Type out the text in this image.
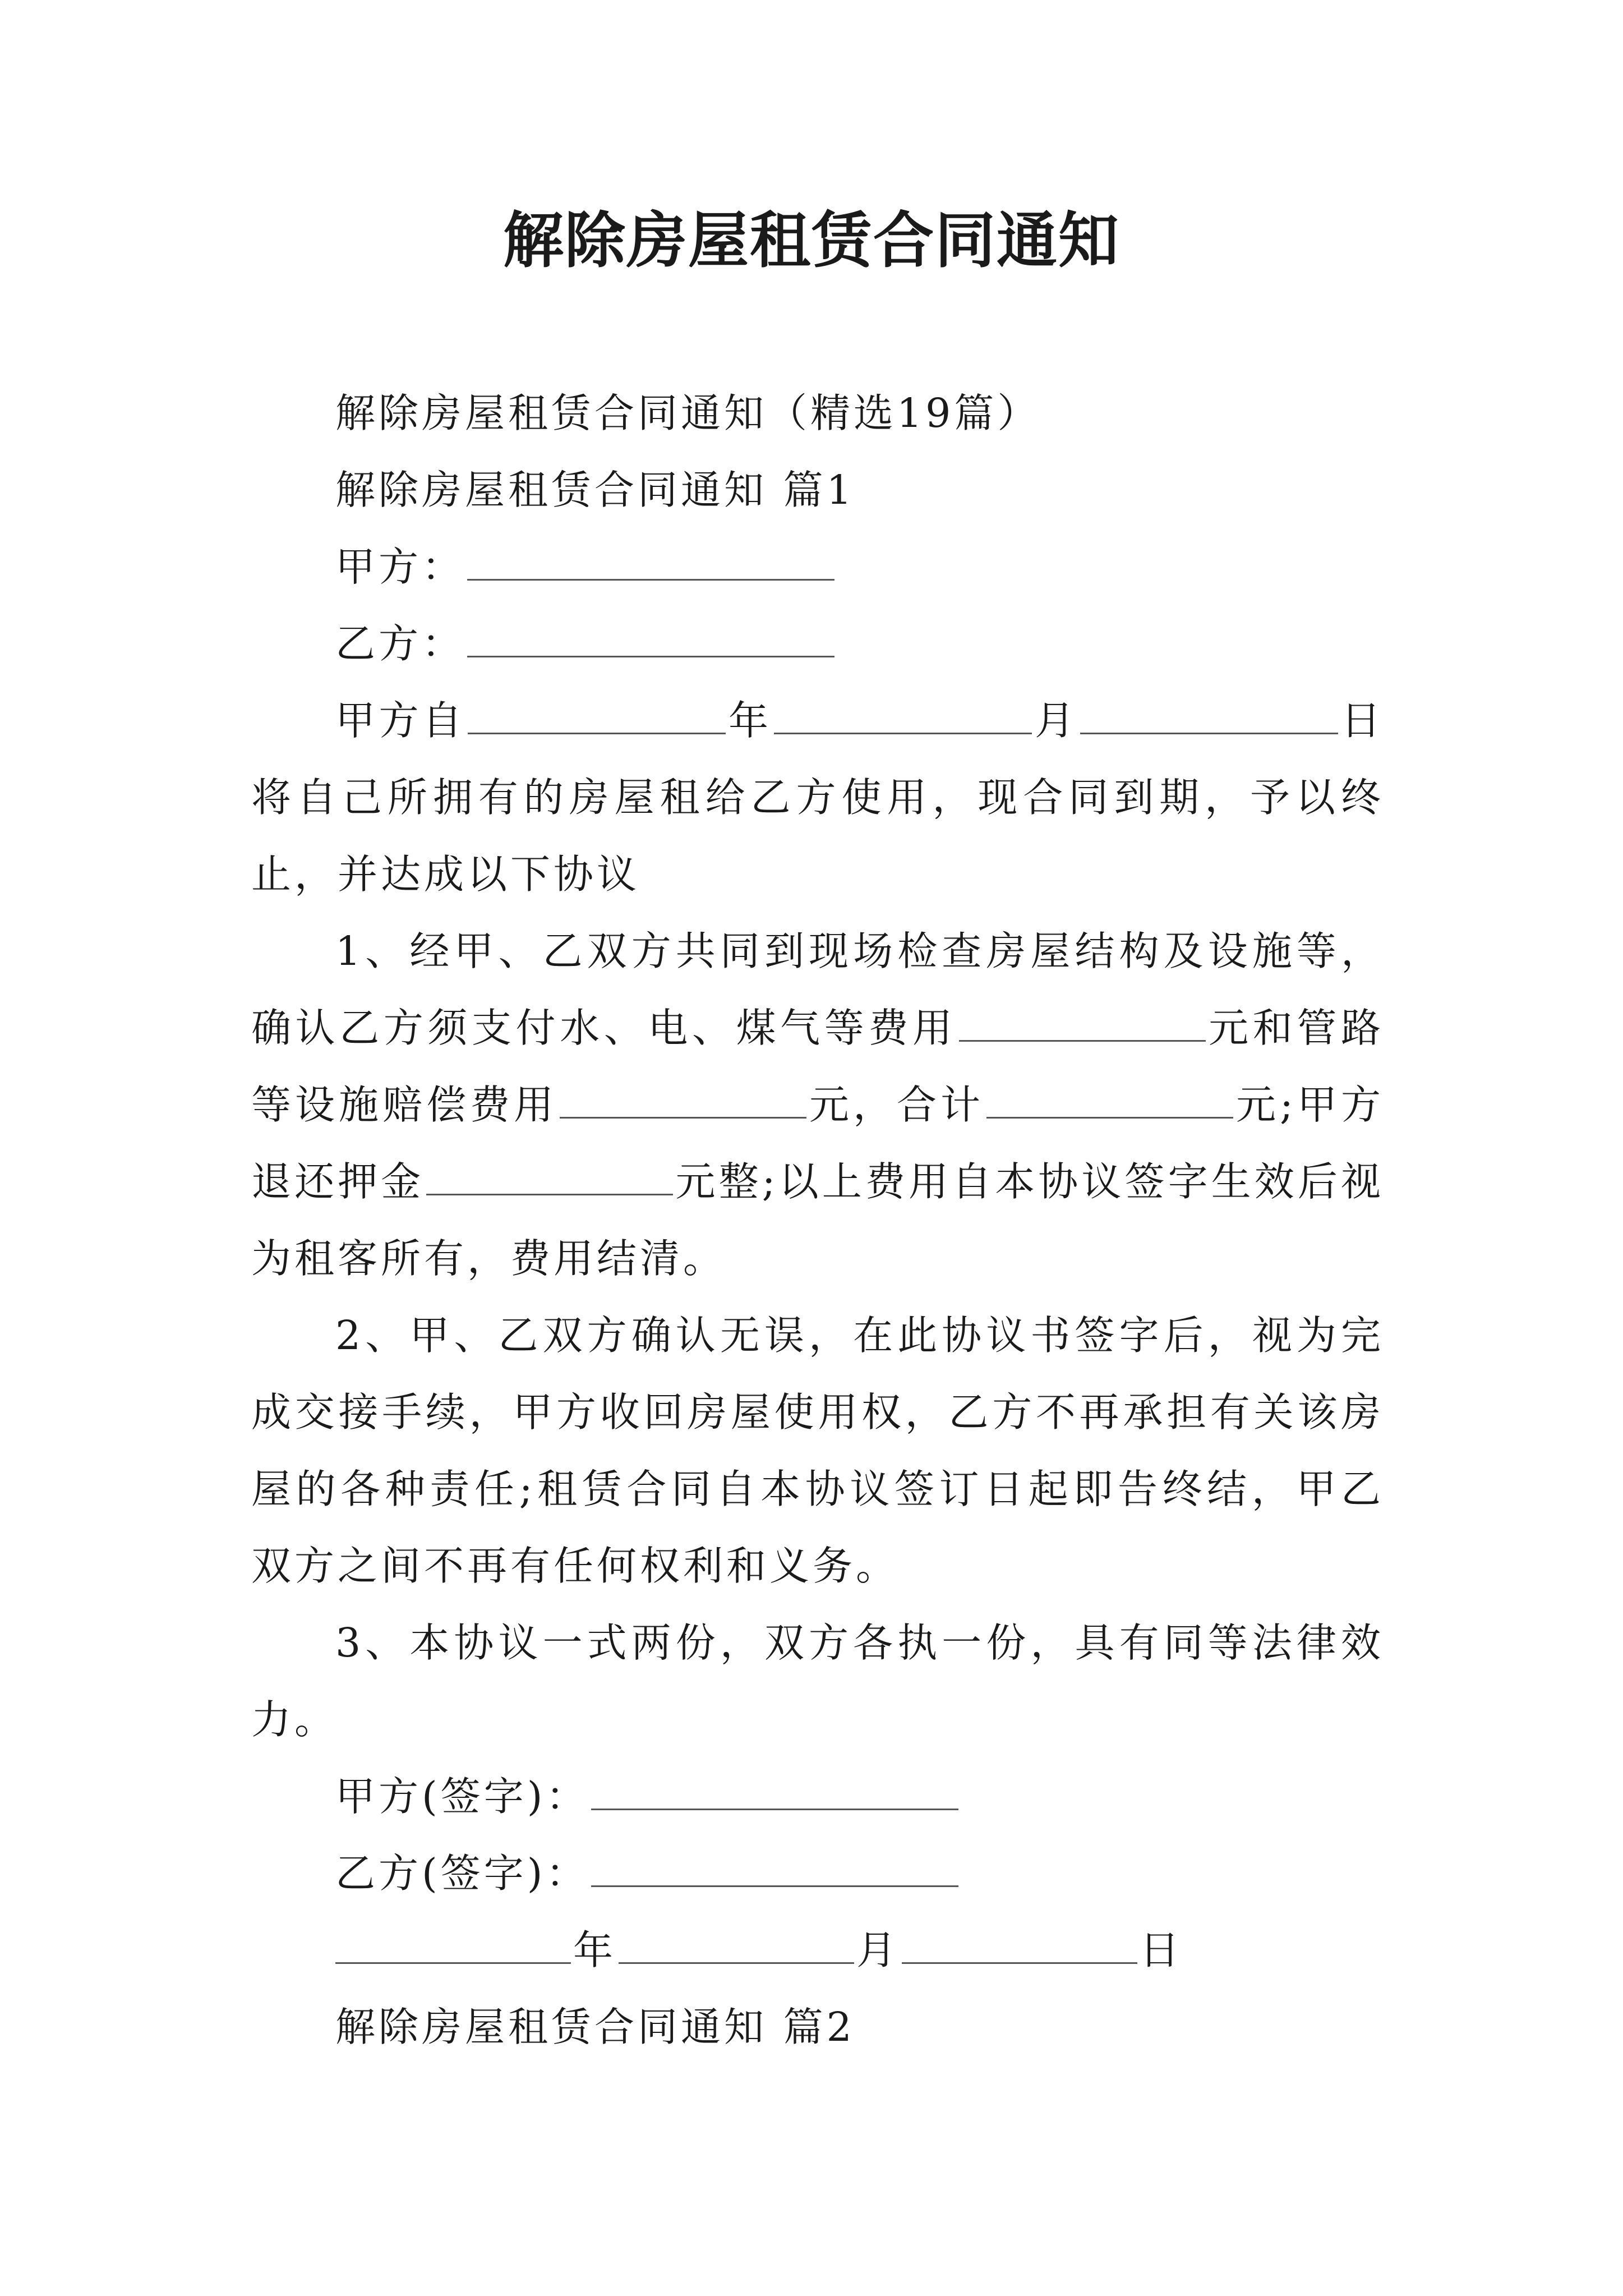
解除房屋租赁合同通知

解除房屋租赁合同通知（精选19篇）

解除房屋租赁合同通知 篇1

甲方：

乙方：

甲方自	年	月	日将自己所拥有的房屋租给乙方使用，现合同到期，予以终止，并达成以下协议

1、经甲、乙双方共同到现场检查房屋结构及设施等，确认乙方须支付水、电、煤气等费用	元和管路等设施赔偿费用	元，合计	元;甲方退还押金	元整;以上费用自本协议签字生效后视为租客所有，费用结清。

2、甲、乙双方确认无误，在此协议书签字后，视为完成交接手续，甲方收回房屋使用权，乙方不再承担有关该房屋的各种责任;租赁合同自本协议签订日起即告终结，甲乙双方之间不再有任何权利和义务。

3、本协议一式两份，双方各执一份，具有同等法律效力。

甲方(签字)：

乙方(签字)：

年	月	日

解除房屋租赁合同通知 篇2
